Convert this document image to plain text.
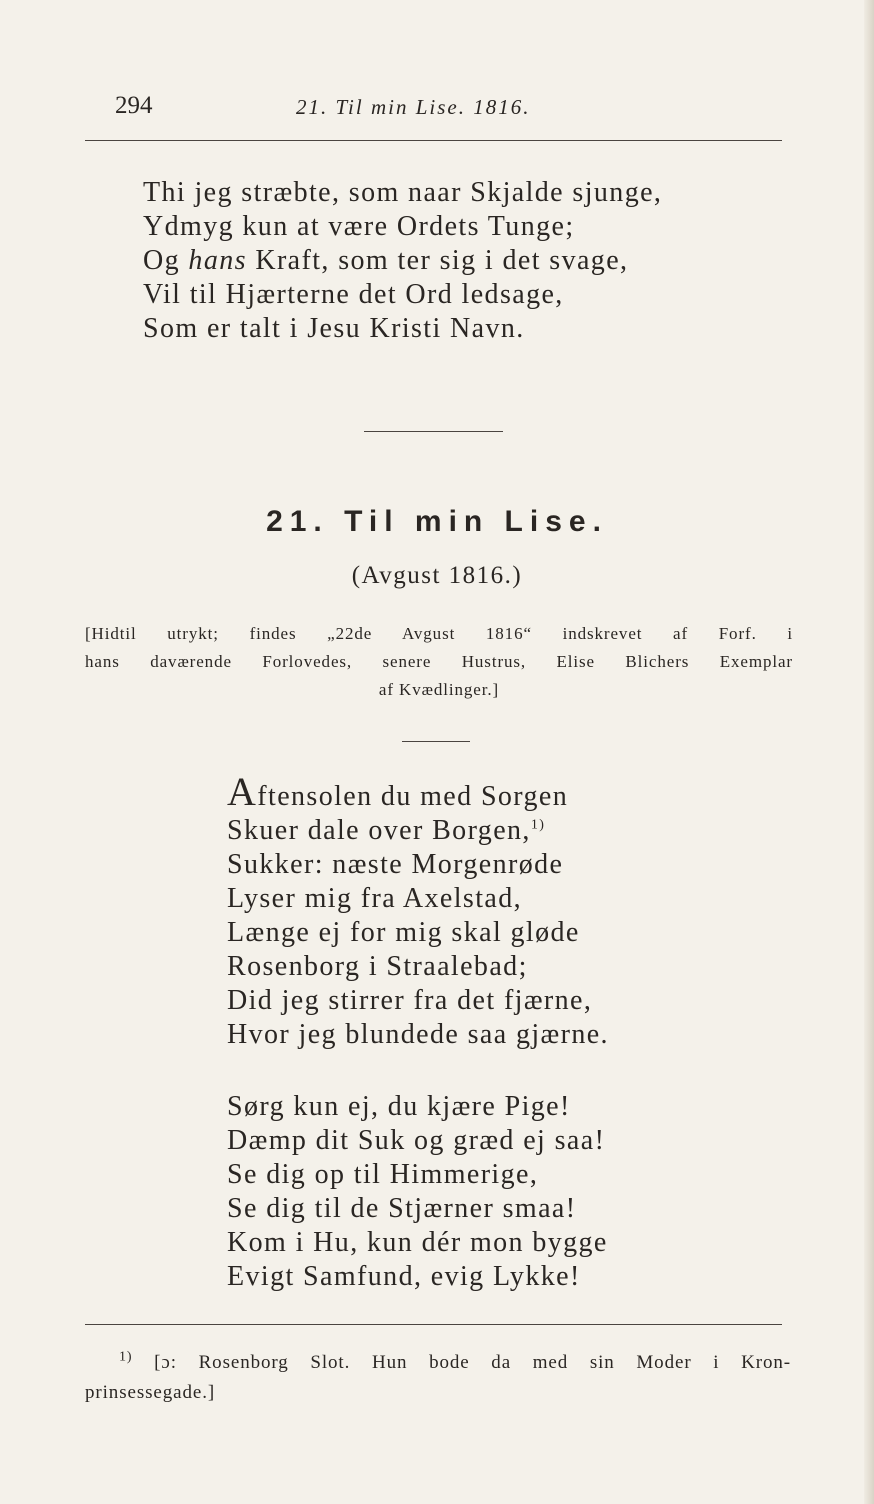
294	21. Til min Lise. 1816.
Thi jeg stræbte, som naar Skjalde sjunge,
Ydmyg kun at være Ordets Tunge;
Og hans Kraft, som ter sig i det svage,
Vil til Hjærterne det Ord ledsage,
Som er talt i Jesu Kristi Navn.
21. Til min Lise.
(Avgust 1816.)
[Hidtil utrykt; findes „22de Avgust 1816“ indskrevet af Forf. i
hans daværende Forlovedes, senere Hustrus, Elise Blichers Exemplar
af Kvædlinger.]
Aftensolen du med Sorgen
Skuer dale over Borgen,$^{1)}$
Sukker: næste Morgenrøde
Lyser mig fra Axelstad,
Længe ej for mig skal gløde
Rosenborg i Straalebad;
Did jeg stirrer fra det fjærne,
Hvor jeg blundede saa gjærne.
Sørg kun ej, du kjære Pige!
Dæmp dit Suk og græd ej saa!
Se dig op til Himmerige,
Se dig til de Stjærner smaa!
Kom i Hu, kun dér mon bygge
Evigt Samfund, evig Lykke!
$^{1)}$ [ɔ: Rosenborg Slot. Hun bode da med sin Moder i Kron-
prinsessegade.]
